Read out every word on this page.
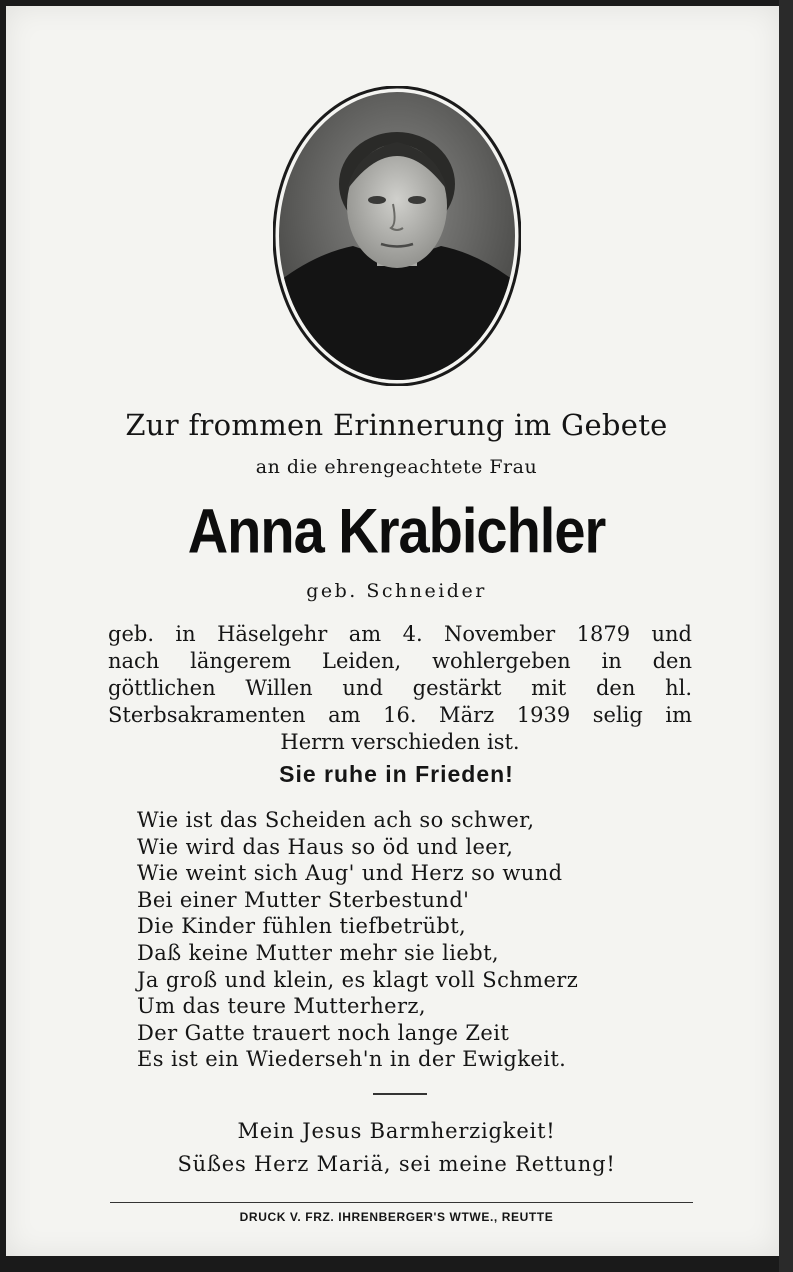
Zur frommen Erinnerung im Gebete
an die ehrengeachtete Frau
Anna Krabichler
geb. Schneider
geb. in Häselgehr am 4. November 1879 und
nach längerem Leiden, wohlergeben in den
göttlichen Willen und gestärkt mit den hl.
Sterbsakramenten am 16. März 1939 selig im
Herrn verschieden ist.
Sie ruhe in Frieden!
Wie ist das Scheiden ach so schwer,
Wie wird das Haus so öd und leer,
Wie weint sich Aug' und Herz so wund
Bei einer Mutter Sterbestund'
Die Kinder fühlen tiefbetrübt,
Daß keine Mutter mehr sie liebt,
Ja groß und klein, es klagt voll Schmerz
Um das teure Mutterherz,
Der Gatte trauert noch lange Zeit
Es ist ein Wiederseh'n in der Ewigkeit.
Mein Jesus Barmherzigkeit!
Süßes Herz Mariä, sei meine Rettung!
DRUCK V. FRZ. IHRENBERGER'S WTWE., REUTTE
